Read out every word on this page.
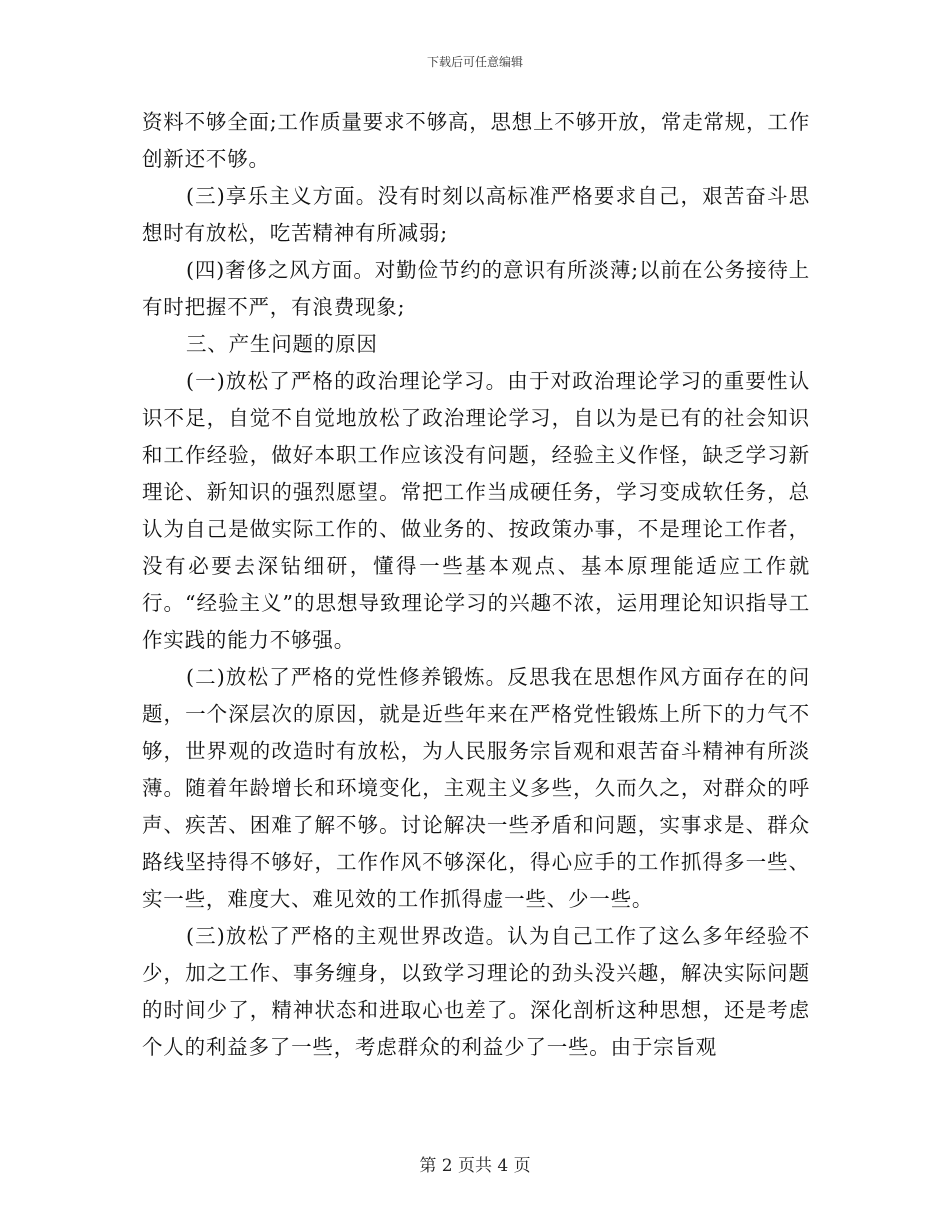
下载后可任意编辑

资料不够全面;工作质量要求不够高，思想上不够开放，常走常规，工作创新还不够。

(三)享乐主义方面。没有时刻以高标准严格要求自己，艰苦奋斗思想时有放松，吃苦精神有所减弱;

(四)奢侈之风方面。对勤俭节约的意识有所淡薄;以前在公务接待上有时把握不严，有浪费现象;

三、产生问题的原因

(一)放松了严格的政治理论学习。由于对政治理论学习的重要性认识不足，自觉不自觉地放松了政治理论学习，自以为是已有的社会知识和工作经验，做好本职工作应该没有问题，经验主义作怪，缺乏学习新理论、新知识的强烈愿望。常把工作当成硬任务，学习变成软任务，总认为自己是做实际工作的、做业务的、按政策办事，不是理论工作者，没有必要去深钻细研，懂得一些基本观点、基本原理能适应工作就行。“经验主义”的思想导致理论学习的兴趣不浓，运用理论知识指导工作实践的能力不够强。

(二)放松了严格的党性修养锻炼。反思我在思想作风方面存在的问题，一个深层次的原因，就是近些年来在严格党性锻炼上所下的力气不够，世界观的改造时有放松，为人民服务宗旨观和艰苦奋斗精神有所淡薄。随着年龄增长和环境变化，主观主义多些，久而久之，对群众的呼声、疾苦、困难了解不够。讨论解决一些矛盾和问题，实事求是、群众路线坚持得不够好，工作作风不够深化，得心应手的工作抓得多一些、实一些，难度大、难见效的工作抓得虚一些、少一些。

(三)放松了严格的主观世界改造。认为自己工作了这么多年经验不少，加之工作、事务缠身，以致学习理论的劲头没兴趣，解决实际问题的时间少了，精神状态和进取心也差了。深化剖析这种思想，还是考虑个人的利益多了一些，考虑群众的利益少了一些。由于宗旨观

第 2 页共 4 页
